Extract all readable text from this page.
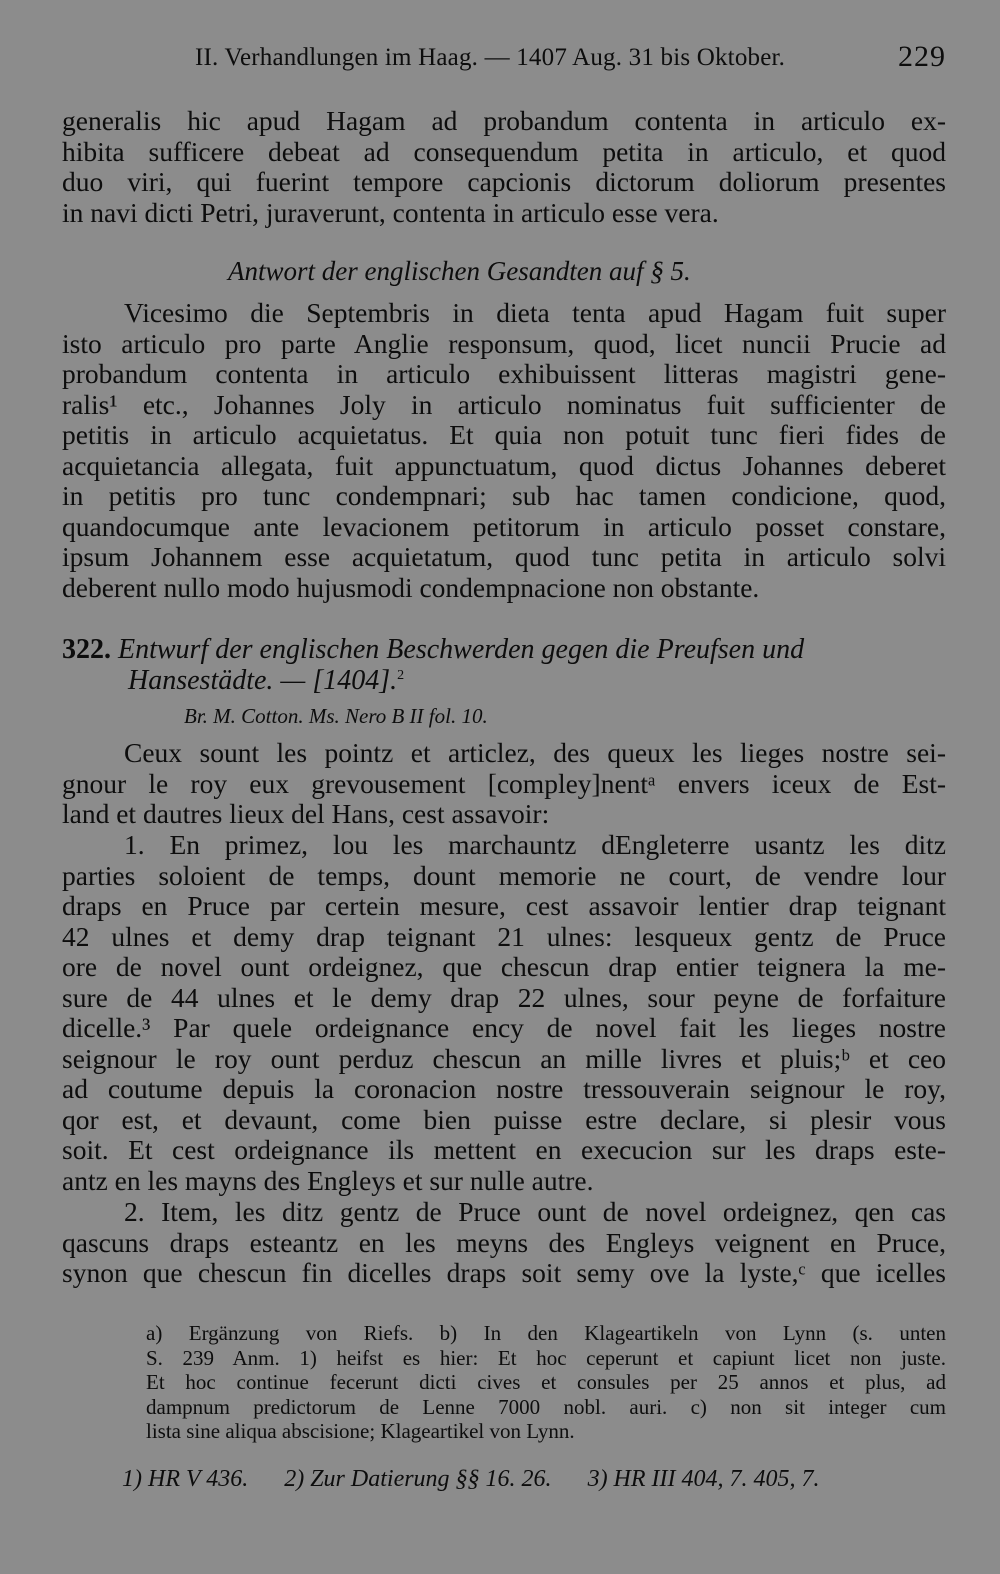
II. Verhandlungen im Haag. — 1407 Aug. 31 bis Oktober.	229
generalis hic apud Hagam ad probandum contenta in articulo ex-
hibita sufficere debeat ad consequendum petita in articulo, et quod
duo viri, qui fuerint tempore capcionis dictorum doliorum presentes
in navi dicti Petri, juraverunt, contenta in articulo esse vera.
Antwort der englischen Gesandten auf § 5.
Vicesimo die Septembris in dieta tenta apud Hagam fuit super
isto articulo pro parte Anglie responsum, quod, licet nuncii Prucie ad
probandum contenta in articulo exhibuissent litteras magistri gene-
ralis¹ etc., Johannes Joly in articulo nominatus fuit sufficienter de
petitis in articulo acquietatus. Et quia non potuit tunc fieri fides de
acquietancia allegata, fuit appunctuatum, quod dictus Johannes deberet
in petitis pro tunc condempnari; sub hac tamen condicione, quod,
quandocumque ante levacionem petitorum in articulo posset constare,
ipsum Johannem esse acquietatum, quod tunc petita in articulo solvi
deberent nullo modo hujusmodi condempnacione non obstante.
322. Entwurf der englischen Beschwerden gegen die Preufsen und
Hansestädte. — [1404].$^2$
Br. M. Cotton. Ms. Nero B II fol. 10.
Ceux sount les pointz et articlez, des queux les lieges nostre sei-
gnour le roy eux grevousement [compley]nentᵃ envers iceux de Est-
land et dautres lieux del Hans, cest assavoir:
1. En primez, lou les marchauntz dEngleterre usantz les ditz
parties soloient de temps, dount memorie ne court, de vendre lour
draps en Pruce par certein mesure, cest assavoir lentier drap teignant
42 ulnes et demy drap teignant 21 ulnes: lesqueux gentz de Pruce
ore de novel ount ordeignez, que chescun drap entier teignera la me-
sure de 44 ulnes et le demy drap 22 ulnes, sour peyne de forfaiture
dicelle.³ Par quele ordeignance ency de novel fait les lieges nostre
seignour le roy ount perduz chescun an mille livres et pluis;ᵇ et ceo
ad coutume depuis la coronacion nostre tressouverain seignour le roy,
qor est, et devaunt, come bien puisse estre declare, si plesir vous
soit. Et cest ordeignance ils mettent en execucion sur les draps este-
antz en les mayns des Engleys et sur nulle autre.
2. Item, les ditz gentz de Pruce ount de novel ordeignez, qen cas
qascuns draps esteantz en les meyns des Engleys veignent en Pruce,
synon que chescun fin dicelles draps soit semy ove la lyste,ᶜ que icelles
a) Ergänzung von Riefs. b) In den Klageartikeln von Lynn (s. unten
S. 239 Anm. 1) heifst es hier: Et hoc ceperunt et capiunt licet non juste.
Et hoc continue fecerunt dicti cives et consules per 25 annos et plus, ad
dampnum predictorum de Lenne 7000 nobl. auri. c) non sit integer cum
lista sine aliqua abscisione; Klageartikel von Lynn.
1) HR V 436. 2) Zur Datierung §§ 16. 26. 3) HR III 404, 7. 405, 7.
